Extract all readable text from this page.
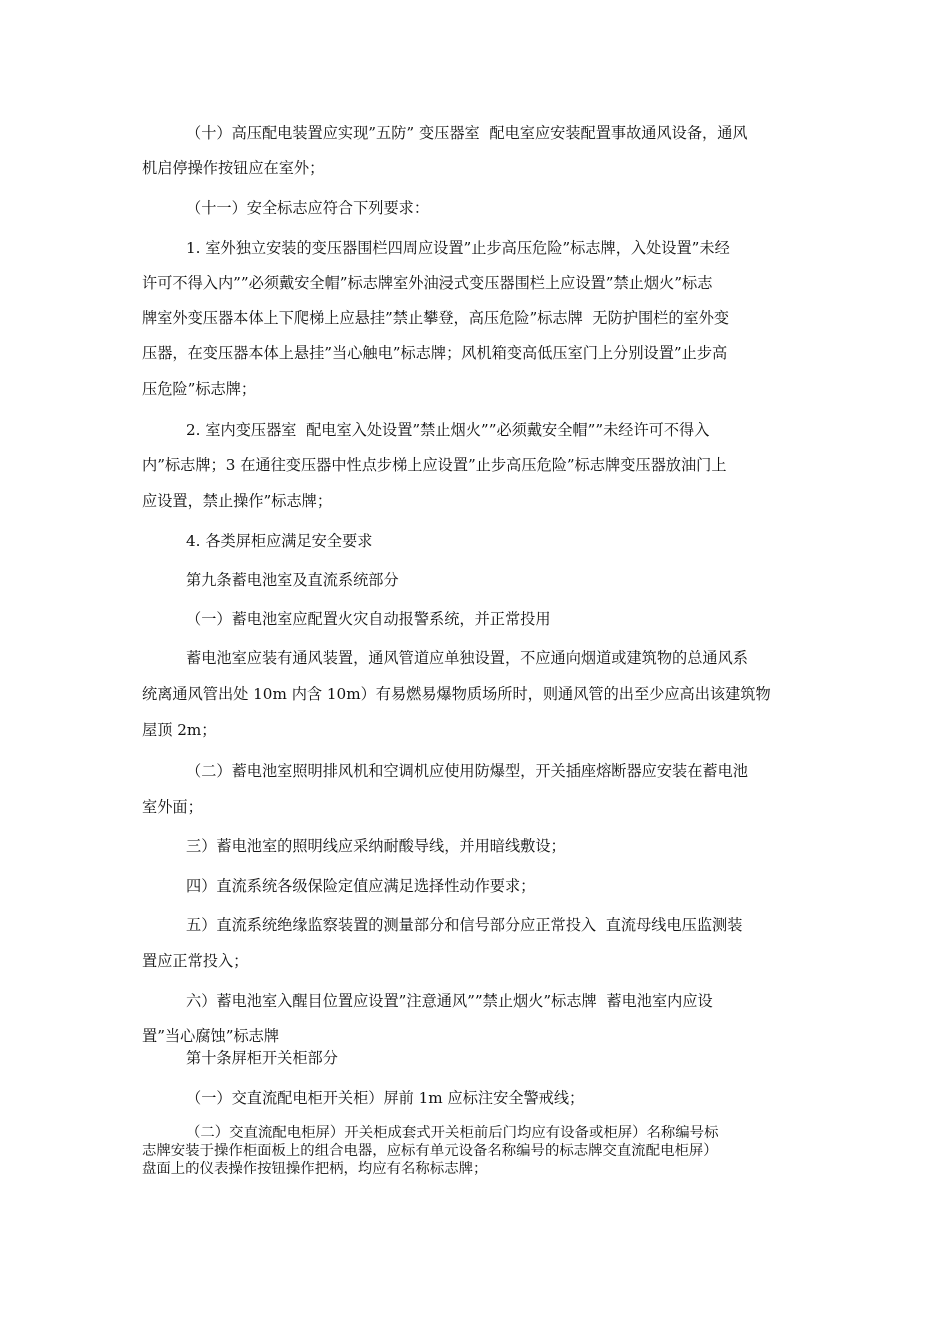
（十）高压配电装置应实现”五防” 变压器室  配电室应安装配置事故通风设备，通风
机启停操作按钮应在室外；
（十一）安全标志应符合下列要求：
1. 室外独立安装的变压器围栏四周应设置”止步高压危险”标志牌，入处设置”未经
许可不得入内””必须戴安全帽”标志牌室外油浸式变压器围栏上应设置”禁止烟火”标志
牌室外变压器本体上下爬梯上应悬挂”禁止攀登，高压危险”标志牌  无防护围栏的室外变
压器，在变压器本体上悬挂”当心触电”标志牌；风机箱变高低压室门上分别设置”止步高
压危险”标志牌；
2. 室内变压器室  配电室入处设置”禁止烟火””必须戴安全帽””未经许可不得入
内”标志牌；3 在通往变压器中性点步梯上应设置”止步高压危险”标志牌变压器放油门上
应设置，禁止操作”标志牌；
4. 各类屏柜应满足安全要求
第九条蓄电池室及直流系统部分
（一）蓄电池室应配置火灾自动报警系统，并正常投用
蓄电池室应装有通风装置，通风管道应单独设置，不应通向烟道或建筑物的总通风系
统离通风管出处 10m 内含 10m）有易燃易爆物质场所时，则通风管的出至少应高出该建筑物
屋顶 2m；
（二）蓄电池室照明排风机和空调机应使用防爆型，开关插座熔断器应安装在蓄电池
室外面；
三）蓄电池室的照明线应采纳耐酸导线，并用暗线敷设；
四）直流系统各级保险定值应满足选择性动作要求；
五）直流系统绝缘监察装置的测量部分和信号部分应正常投入  直流母线电压监测装
置应正常投入；
六）蓄电池室入醒目位置应设置”注意通风””禁止烟火”标志牌  蓄电池室内应设
置”当心腐蚀”标志牌
第十条屏柜开关柜部分
（一）交直流配电柜开关柜）屏前 1m 应标注安全警戒线；
（二）交直流配电柜屏）开关柜成套式开关柜前后门均应有设备或柜屏）名称编号标
志牌安装于操作柜面板上的组合电器，应标有单元设备名称编号的标志牌交直流配电柜屏）
盘面上的仪表操作按钮操作把柄，均应有名称标志牌；
